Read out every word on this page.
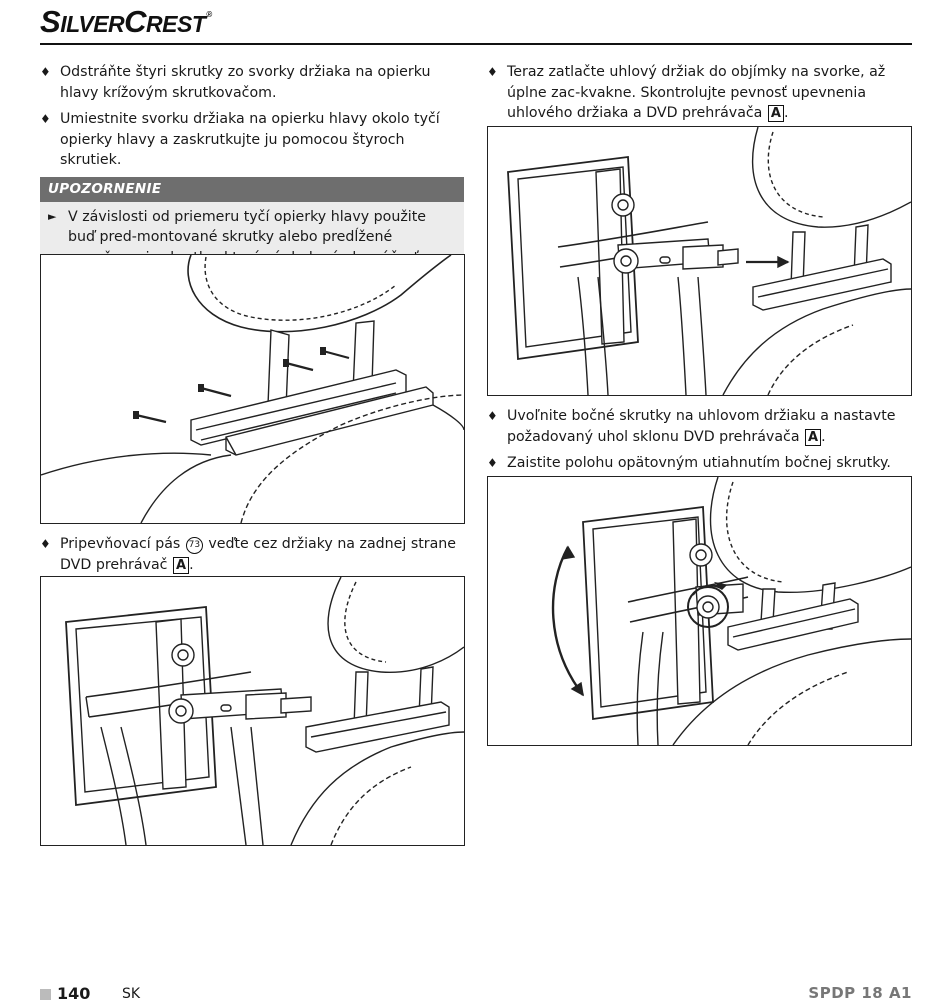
SILVERCREST®
♦ Odstráňte štyri skrutky zo svorky držiaka na opierku hlavy krížovým skrutkovačom.
♦ Umiestnite svorku držiaka na opierku hlavy okolo tyčí opierky hlavy a zaskrutkujte ju pomocou štyroch skrutiek.
UPOZORNENIE
► V závislosti od priemeru tyčí opierky hlavy použite buď pred-montované skrutky alebo predĺžené
♦ Pripevňovací pás 73 veďte cez držiaky na zadnej strane DVD prehrávač A .
♦ Teraz zatlačte uhlový držiak do objímky na svorke, až úplne zac-kvakne. Skontrolujte pevnosť upevnenia uhlového držiaka a DVD prehrávača A .
♦ Uvoľnite bočné skrutky na uhlovom držiaku a nastavte požadovaný uhol sklonu DVD prehrávača A .
♦ Zaistite polohu opätovným utiahnutím bočnej skrutky.
140 SK	SPDP 18 A1
